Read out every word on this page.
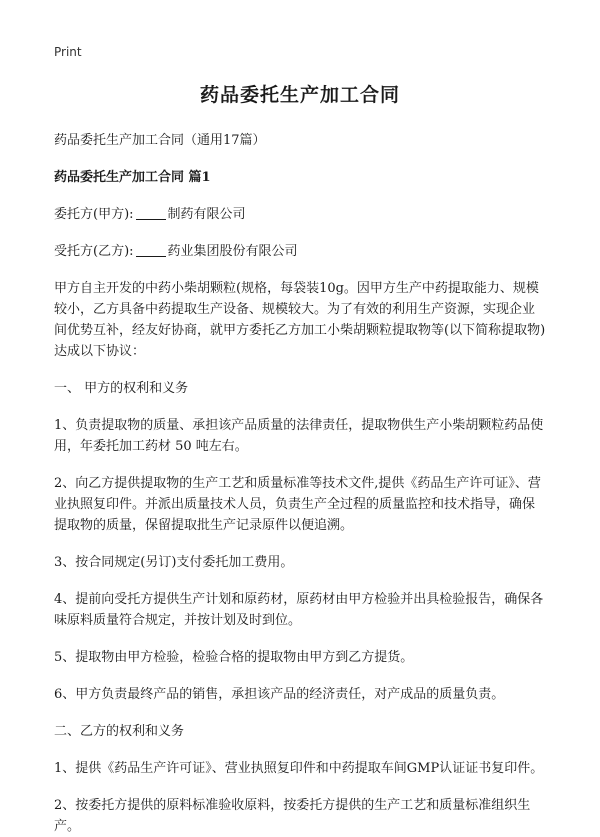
Print
药品委托生产加工合同

药品委托生产加工合同（通用17篇）

药品委托生产加工合同 篇1

委托方(甲方):	制药有限公司

受托方(乙方):	药业集团股份有限公司

甲方自主开发的中药小柴胡颗粒(规格，每袋装10g。因甲方生产中药提取能力、规模较小，乙方具备中药提取生产设备、规模较大。为了有效的利用生产资源，实现企业间优势互补，经友好协商，就甲方委托乙方加工小柴胡颗粒提取物等(以下简称提取物)达成以下协议：

一、 甲方的权利和义务

1、负责提取物的质量、承担该产品质量的法律责任，提取物供生产小柴胡颗粒药品使用，年委托加工药材 50 吨左右。

2、向乙方提供提取物的生产工艺和质量标准等技术文件,提供《药品生产许可证》、营业执照复印件。并派出质量技术人员，负责生产全过程的质量监控和技术指导，确保提取物的质量，保留提取批生产记录原件以便追溯。

3、按合同规定(另订)支付委托加工费用。

4、提前向受托方提供生产计划和原药材，原药材由甲方检验并出具检验报告，确保各味原料质量符合规定，并按计划及时到位。

5、提取物由甲方检验，检验合格的提取物由甲方到乙方提货。

6、甲方负责最终产品的销售，承担该产品的经济责任，对产成品的质量负责。

二、乙方的权利和义务

1、提供《药品生产许可证》、营业执照复印件和中药提取车间GMP认证证书复印件。

2、按委托方提供的原料标准验收原料，按委托方提供的生产工艺和质量标准组织生产。
